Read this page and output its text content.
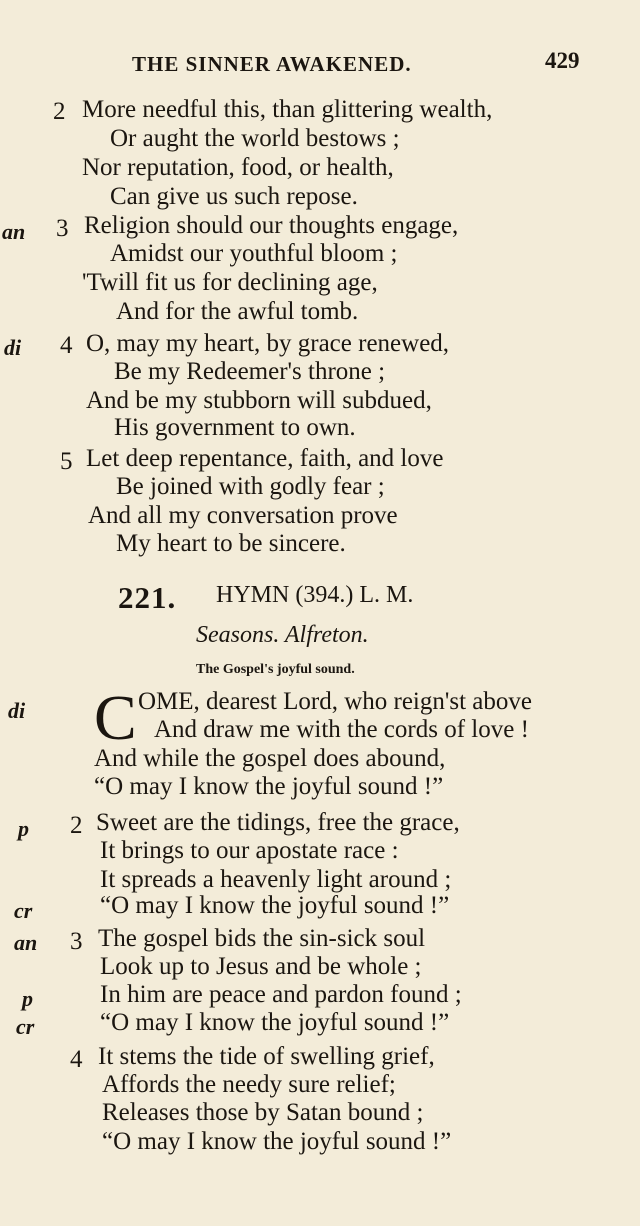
THE SINNER AWAKENED.	429
2 More needful this, than glittering wealth,
Or aught the world bestows ;
Nor reputation, food, or health,
Can give us such repose.
an 3 Religion should our thoughts engage,
Amidst our youthful bloom ;
'Twill fit us for declining age,
And for the awful tomb.
di 4 O, may my heart, by grace renewed,
Be my Redeemer's throne ;
And be my stubborn will subdued,
His government to own.
5 Let deep repentance, faith, and love
Be joined with godly fear ;
And all my conversation prove
My heart to be sincere.
221. HYMN (394.) L. M.
Seasons. Alfreton.
The Gospel's joyful sound.
di C OME, dearest Lord, who reign'st above
And draw me with the cords of love !
And while the gospel does abound,
“O may I know the joyful sound !”
p 2 Sweet are the tidings, free the grace,
It brings to our apostate race :
It spreads a heavenly light around ;
cr	“O may I know the joyful sound !”
an 3 The gospel bids the sin-sick soul
Look up to Jesus and be whole ;
p	In him are peace and pardon found ;
cr	“O may I know the joyful sound !”
4 It stems the tide of swelling grief,
Affords the needy sure relief;
Releases those by Satan bound ;
“O may I know the joyful sound !”
